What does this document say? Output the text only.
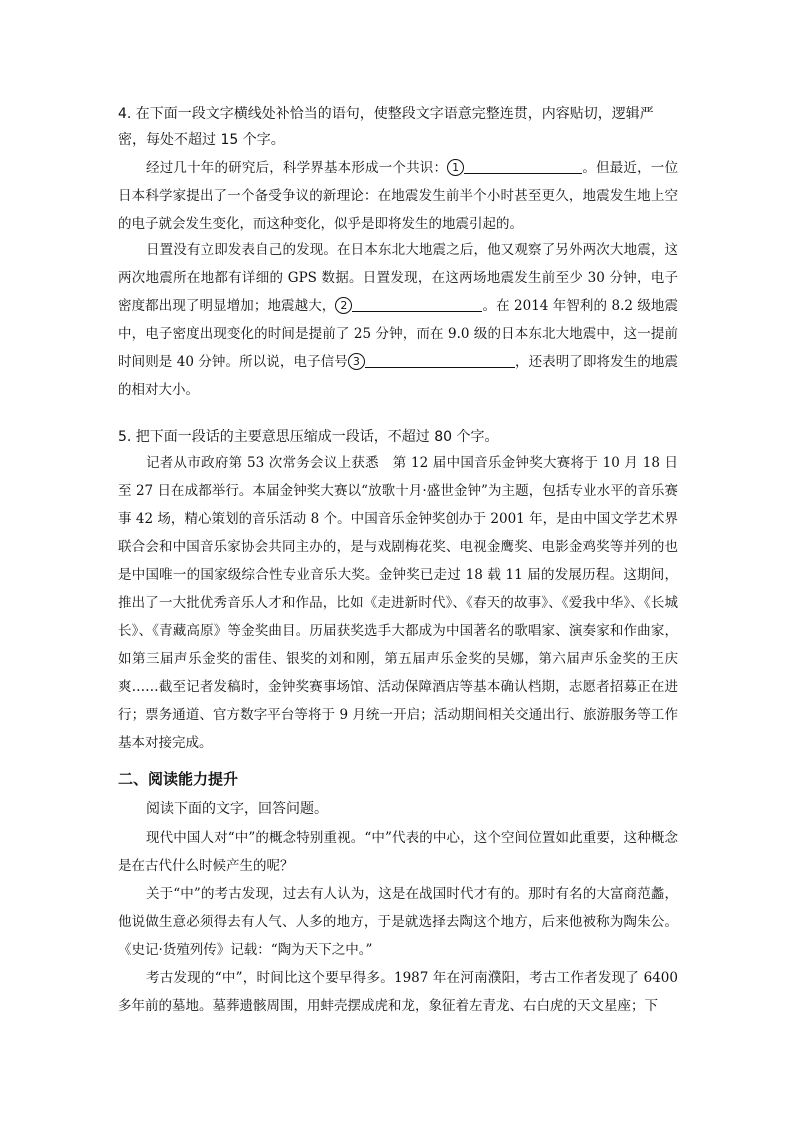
4. 在下面一段文字横线处补恰当的语句，使整段文字语意完整连贯，内容贴切，逻辑严密，每处不超过 15 个字。
经过几十年的研究后，科学界基本形成一个共识： 1	。但最近，一位日本科学家提出了一个备受争议的新理论：在地震发生前半个小时甚至更久，地震发生地上空的电子就会发生变化，而这种变化，似乎是即将发生的地震引起的。
日置没有立即发表自己的发现。在日本东北大地震之后，他又观察了另外两次大地震，这两次地震所在地都有详细的 GPS 数据。日置发现，在这两场地震发生前至少 30 分钟，电子密度都出现了明显增加；地震越大， 2	。在 2014 年智利的 8.2 级地震中，电子密度出现变化的时间是提前了 25 分钟，而在 9.0 级的日本东北大地震中，这一提前时间则是 40 分钟。所以说，电子信号 3	，还表明了即将发生的地震的相对大小。
5. 把下面一段话的主要意思压缩成一段话，不超过 80 个字。
记者从市政府第 53 次常务会议上获悉　第 12 届中国音乐金钟奖大赛将于 10 月 18 日至 27 日在成都举行。本届金钟奖大赛以“放歌十月·盛世金钟”为主题，包括专业水平的音乐赛事 42 场，精心策划的音乐活动 8 个。中国音乐金钟奖创办于 2001 年，是由中国文学艺术界联合会和中国音乐家协会共同主办的，是与戏剧梅花奖、电视金鹰奖、电影金鸡奖等并列的也是中国唯一的国家级综合性专业音乐大奖。金钟奖已走过 18 载 11 届的发展历程。这期间，推出了一大批优秀音乐人才和作品，比如《走进新时代》、《春天的故事》、《爱我中华》、《长城长》、《青藏高原》等金奖曲目。历届获奖选手大都成为中国著名的歌唱家、演奏家和作曲家，如第三届声乐金奖的雷佳、银奖的刘和刚，第五届声乐金奖的吴娜，第六届声乐金奖的王庆爽……截至记者发稿时，金钟奖赛事场馆、活动保障酒店等基本确认档期，志愿者招募正在进行；票务通道、官方数字平台等将于 9 月统一开启；活动期间相关交通出行、旅游服务等工作基本对接完成。
二、阅读能力提升
阅读下面的文字，回答问题。
现代中国人对“中”的概念特别重视。“中”代表的中心，这个空间位置如此重要，这种概念是在古代什么时候产生的呢？
关于“中”的考古发现，过去有人认为，这是在战国时代才有的。那时有名的大富商范蠡，他说做生意必须得去有人气、人多的地方，于是就选择去陶这个地方，后来他被称为陶朱公。《史记·货殖列传》记载：“陶为天下之中。”
考古发现的“中”，时间比这个要早得多。1987 年在河南濮阳，考古工作者发现了 6400 多年前的墓地。墓葬遗骸周围，用蚌壳摆成虎和龙，象征着左青龙、右白虎的天文星座；下
